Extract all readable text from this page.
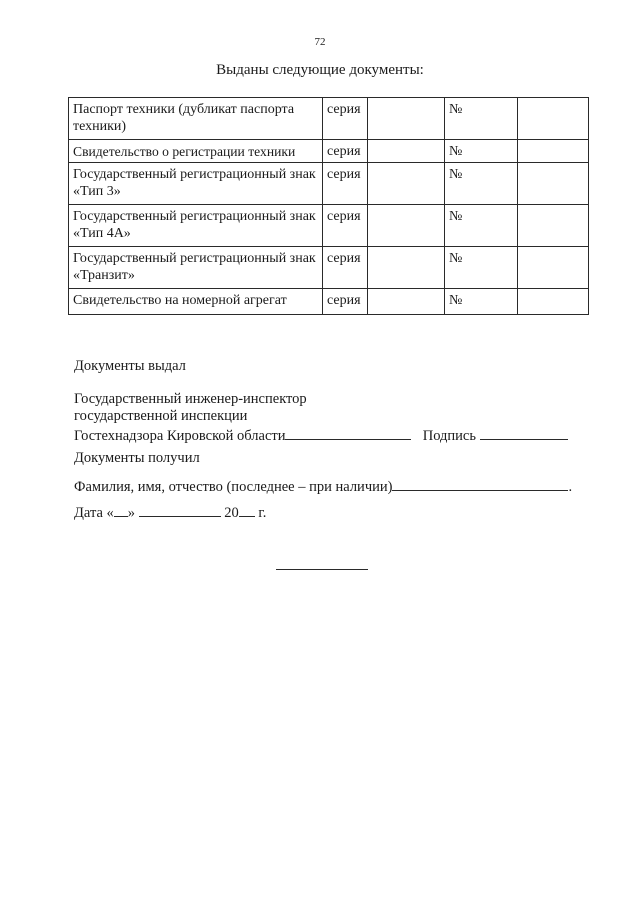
72
Выданы следующие документы:
Паспорт техники (дубликат паспорта техники)	серия		№	
Свидетельство о регистрации техники	серия		№	
Государственный регистрационный знак «Тип 3»	серия		№	
Государственный регистрационный знак «Тип 4А»	серия		№	
Государственный регистрационный знак «Транзит»	серия		№	
Свидетельство на номерной агрегат	серия		№	
Документы выдал
Государственный инженер-инспектор
государственной инспекции
Гостехнадзора Кировской области	Подпись
Документы получил
Фамилия, имя, отчество (последнее – при наличии)	.
Дата « »	20 г.
